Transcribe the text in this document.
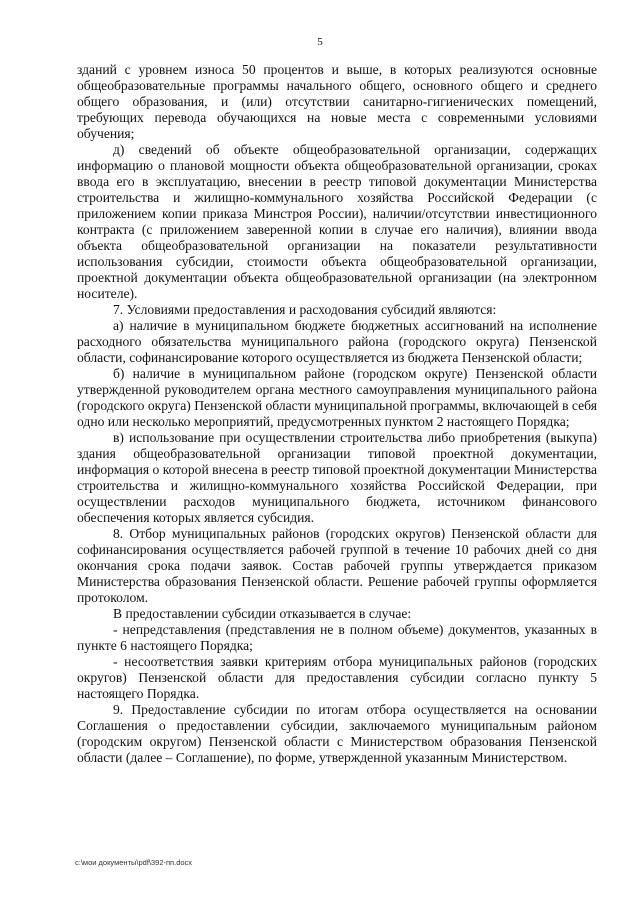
5

зданий с уровнем износа 50 процентов и выше, в которых реализуются основные общеобразовательные программы начального общего, основного общего и среднего общего образования, и (или) отсутствии санитарно-гигиенических помещений, требующих перевода обучающихся на новые места с современными условиями обучения;

д) сведений об объекте общеобразовательной организации, содержащих информацию о плановой мощности объекта общеобразовательной организации, сроках ввода его в эксплуатацию, внесении в реестр типовой документации Министерства строительства и жилищно-коммунального хозяйства Российской Федерации (с приложением копии приказа Минстроя России), наличии/отсутствии инвестиционного контракта (с приложением заверенной копии в случае его наличия), влиянии ввода объекта общеобразовательной организации на показатели результативности использования субсидии, стоимости объекта общеобразовательной организации, проектной документации объекта общеобразовательной организации (на электронном носителе).

7. Условиями предоставления и расходования субсидий являются:

а) наличие в муниципальном бюджете бюджетных ассигнований на исполнение расходного обязательства муниципального района (городского округа) Пензенской области, софинансирование которого осуществляется из бюджета Пензенской области;

б) наличие в муниципальном районе (городском округе) Пензенской области утвержденной руководителем органа местного самоуправления муниципального района (городского округа) Пензенской области муниципальной программы, включающей в себя одно или несколько мероприятий, предусмотренных пунктом 2 настоящего Порядка;

в) использование при осуществлении строительства либо приобретения (выкупа) здания общеобразовательной организации типовой проектной документации, информация о которой внесена в реестр типовой проектной документации Министерства строительства и жилищно-коммунального хозяйства Российской Федерации, при осуществлении расходов муниципального бюджета, источником финансового обеспечения которых является субсидия.

8. Отбор муниципальных районов (городских округов) Пензенской области для софинансирования осуществляется рабочей группой в течение 10 рабочих дней со дня окончания срока подачи заявок. Состав рабочей группы утверждается приказом Министерства образования Пензенской области. Решение рабочей группы оформляется протоколом.

В предоставлении субсидии отказывается в случае:

- непредставления (представления не в полном объеме) документов, указанных в пункте 6 настоящего Порядка;

- несоответствия заявки критериям отбора муниципальных районов (городских округов) Пензенской области для предоставления субсидии согласно пункту 5 настоящего Порядка.

9. Предоставление субсидии по итогам отбора осуществляется на основании Соглашения о предоставлении субсидии, заключаемого муниципальным районом (городским округом) Пензенской области с Министерством образования Пензенской области (далее – Соглашение), по форме, утвержденной указанным Министерством.

c:\мои документы\pdf\392-пп.docx
